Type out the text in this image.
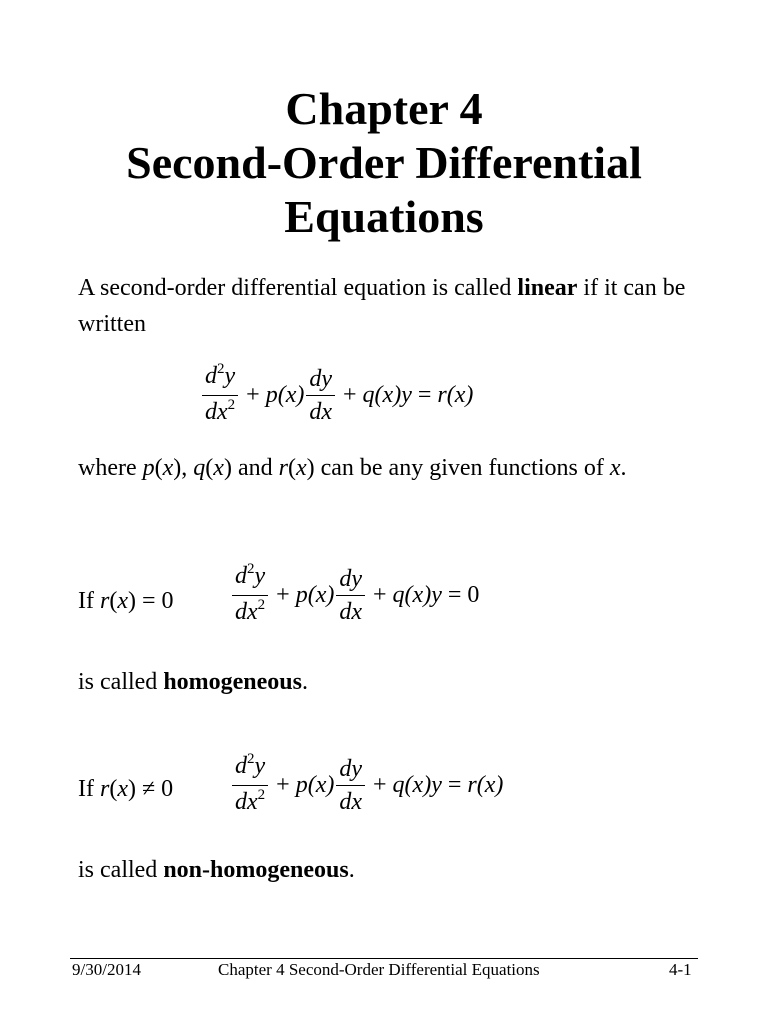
Chapter 4
Second-Order Differential
Equations
A second-order differential equation is called linear if it can be written
$\frac{d^2y}{dx^2} + p(x) \frac{dy}{dx} + q(x) y = r(x)$
where p(x), q(x) and r(x) can be any given functions of x.
If $r(x) = 0 \frac{d^2y}{dx^2} + p(x) \frac{dy}{dx} + q(x) y = 0$
is called homogeneous.
If $r(x) \ne 0 \frac{d^2y}{dx^2} + p(x) \frac{dy}{dx} + q(x) y = r(x)$
is called non-homogeneous.
9/30/2014	Chapter 4 Second-Order Differential Equations	4-1
